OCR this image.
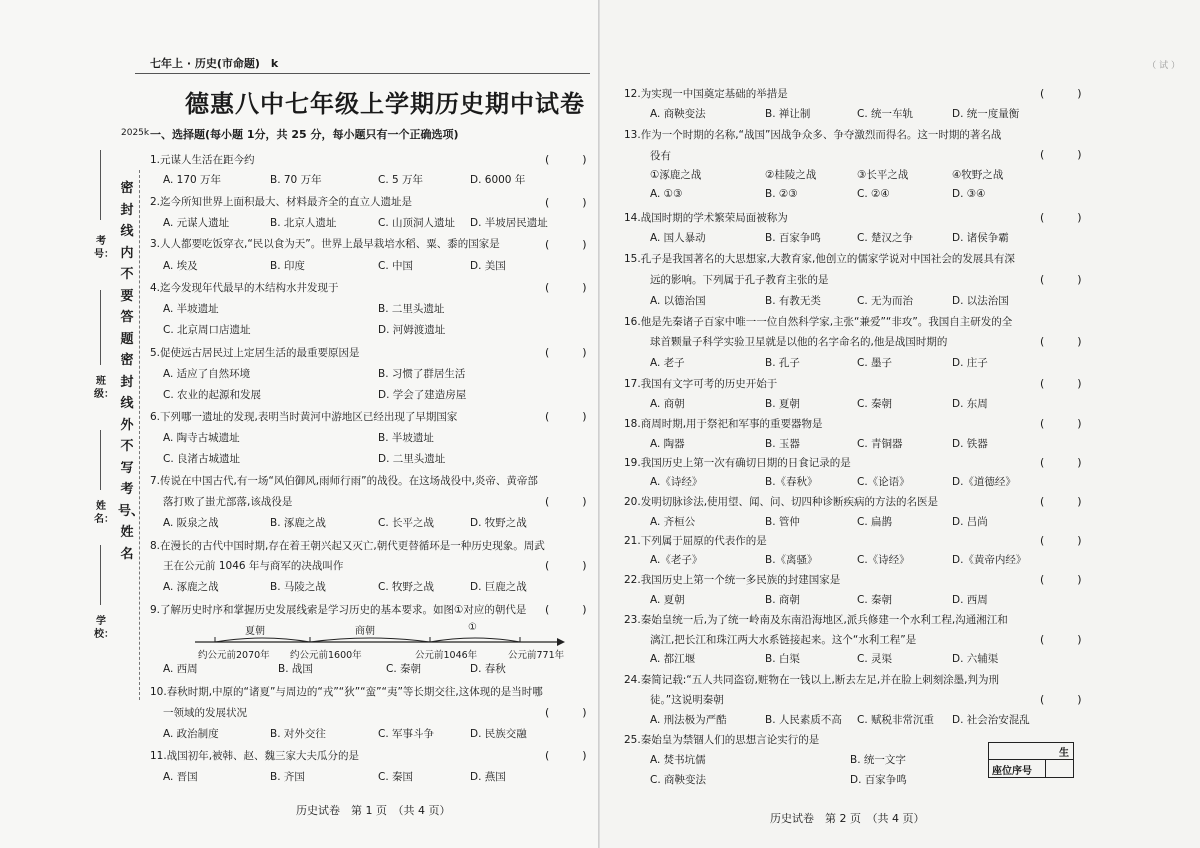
七年上 · 历史(市命题)　k
德惠八中七年级上学期历史期中试卷
一、选择题(每小题 1分，共 25 分，每小题只有一个正确选项)
2025k
密封线内不要答题密封线外不写考号、姓名
考号：
班级：
姓名：
学校：
1.元谋人生活在距今约	(　　　)
A. 170 万年	B. 70 万年	C. 5 万年	D. 6000 年
2.迄今所知世界上面积最大、材料最齐全的直立人遗址是	(　　　)
A. 元谋人遗址	B. 北京人遗址	C. 山顶洞人遗址 D. 半坡居民遗址
3.人人都要吃饭穿衣,“民以食为天”。世界上最早栽培水稻、粟、黍的国家是	(　　　)
A. 埃及	B. 印度	C. 中国	D. 美国
4.迄今发现年代最早的木结构水井发现于	(　　　)
A. 半坡遗址	B. 二里头遗址
C. 北京周口店遗址	D. 河姆渡遗址
5.促使远古居民过上定居生活的最重要原因是	(　　　)
A. 适应了自然环境	B. 习惯了群居生活
C. 农业的起源和发展	D. 学会了建造房屋
6.下列哪一遗址的发现,表明当时黄河中游地区已经出现了早期国家	(　　　)
A. 陶寺古城遗址	B. 半坡遗址
C. 良渚古城遗址	D. 二里头遗址
7.传说在中国古代,有一场“风伯御风,雨师行雨”的战役。在这场战役中,炎帝、黄帝部
落打败了蚩尤部落,该战役是	(　　　)
A. 阪泉之战	B. 涿鹿之战	C. 长平之战	D. 牧野之战
8.在漫长的古代中国时期,存在着王朝兴起又灭亡,朝代更替循环是一种历史现象。周武
王在公元前 1046 年与商军的决战叫作	(　　　)
A. 涿鹿之战	B. 马陵之战	C. 牧野之战	D. 巨鹿之战
9.了解历史时序和掌握历史发展线索是学习历史的基本要求。如图①对应的朝代是
夏朝	商朝	①
约公元前2070年 约公元前1600年	公元前1046年	公元前771年
(　　　)
A. 西周	B. 战国	C. 秦朝	D. 春秋
10.春秋时期,中原的“诸夏”与周边的“戎”“狄”“蛮”“夷”等长期交往,这体现的是当时哪
一领域的发展状况	(　　　)
A. 政治制度	B. 对外交往	C. 军事斗争	D. 民族交融
11.战国初年,被韩、赵、魏三家大夫瓜分的是	(　　　)
A. 晋国	B. 齐国	C. 秦国	D. 燕国
历史试卷　第 1 页　（共 4 页）
（ 试 ）
12.为实现一中国奠定基础的举措是	(　　　)
A. 商鞅变法	B. 禅让制	C. 统一车轨	D. 统一度量衡
13.作为一个时期的名称,“战国”因战争众多、争夺激烈而得名。这一时期的著名战
役有	(　　　)
①涿鹿之战	②桂陵之战	③长平之战	④牧野之战
A. ①③	B. ②③	C. ②④	D. ③④
14.战国时期的学术繁荣局面被称为	(　　　)
A. 国人暴动	B. 百家争鸣	C. 楚汉之争	D. 诸侯争霸
15.孔子是我国著名的大思想家,大教育家,他创立的儒家学说对中国社会的发展具有深
远的影响。下列属于孔子教育主张的是	(　　　)
A. 以德治国	B. 有教无类	C. 无为而治	D. 以法治国
16.他是先秦诸子百家中唯一一位自然科学家,主张“兼爱”“非攻”。我国自主研发的全
球首颗量子科学实验卫星就是以他的名字命名的,他是战国时期的	(　　　)
A. 老子	B. 孔子	C. 墨子	D. 庄子
17.我国有文字可考的历史开始于	(　　　)
A. 商朝	B. 夏朝	C. 秦朝	D. 东周
18.商周时期,用于祭祀和军事的重要器物是	(　　　)
A. 陶器	B. 玉器	C. 青铜器	D. 铁器
19.我国历史上第一次有确切日期的日食记录的是	(　　　)
A.《诗经》	B.《春秋》	C.《论语》	D.《道德经》
20.发明切脉诊法,使用望、闻、问、切四种诊断疾病的方法的名医是	(　　　)
A. 齐桓公	B. 管仲	C. 扁鹊	D. 吕尚
21.下列属于屈原的代表作的是	(　　　)
A.《老子》	B.《离骚》	C.《诗经》	D.《黄帝内经》
22.我国历史上第一个统一多民族的封建国家是	(　　　)
A. 夏朝	B. 商朝	C. 秦朝	D. 西周
23.秦始皇统一后,为了统一岭南及东南沿海地区,派兵修建一个水利工程,沟通湘江和
漓江,把长江和珠江两大水系链接起来。这个“水利工程”是	(　　　)
A. 都江堰	B. 白渠	C. 灵渠	D. 六辅渠
24.秦简记载:“五人共同盗窃,赃物在一钱以上,断去左足,并在脸上刺刻涂墨,判为刑
徒。”这说明秦朝	(　　　)
A. 刑法极为严酷	B. 人民素质不高 C. 赋税非常沉重 D. 社会治安混乱
25.秦始皇为禁锢人们的思想言论实行的是
A. 焚书坑儒	B. 统一文字
C. 商鞅变法	D. 百家争鸣
生
座位序号
历史试卷　第 2 页　（共 4 页）
